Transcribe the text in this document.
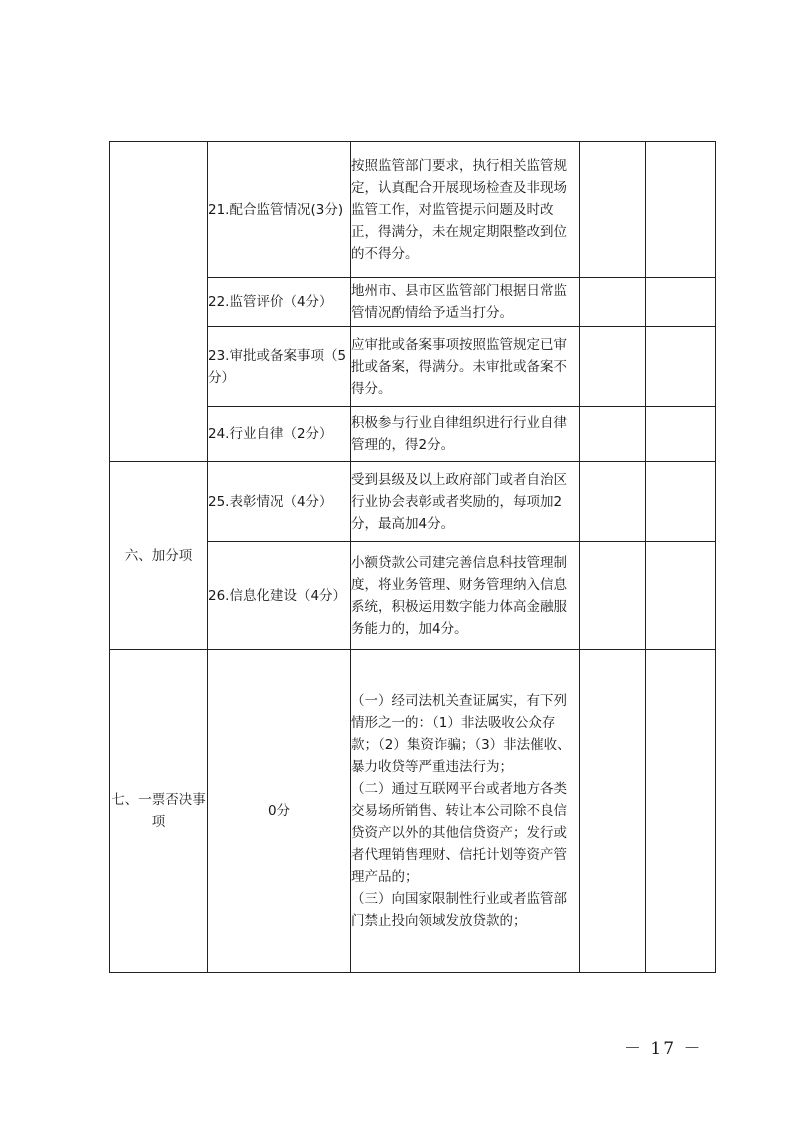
	21.配合监管情况(3分)	按照监管部门要求，执行相关监管规定，认真配合开展现场检查及非现场监管工作，对监管提示问题及时改正，得满分，未在规定期限整改到位的不得分。		

	22.监管评价（4分）	地州市、县市区监管部门根据日常监管情况酌情给予适当打分。		

	23.审批或备案事项（5分）	应审批或备案事项按照监管规定已审批或备案，得满分。未审批或备案不得分。		

	24.行业自律（2分）	积极参与行业自律组织进行行业自律管理的，得2分。		

六、加分项	25.表彰情况（4分）	受到县级及以上政府部门或者自治区行业协会表彰或者奖励的，每项加2分，最高加4分。		

	26.信息化建设（4分）	小额贷款公司建完善信息科技管理制度，将业务管理、财务管理纳入信息系统，积极运用数字能力体高金融服务能力的，加4分。		

七、一票否决事项	0分	（一）经司法机关查证属实，有下列情形之一的：（1）非法吸收公众存款；（2）集资诈骗；（3）非法催收、暴力收贷等严重违法行为；

（二）通过互联网平台或者地方各类交易场所销售、转让本公司除不良信贷资产以外的其他信贷资产；发行或者代理销售理财、信托计划等资产管理产品的；

（三）向国家限制性行业或者监管部门禁止投向领域发放贷款的；		

－ 17 －
